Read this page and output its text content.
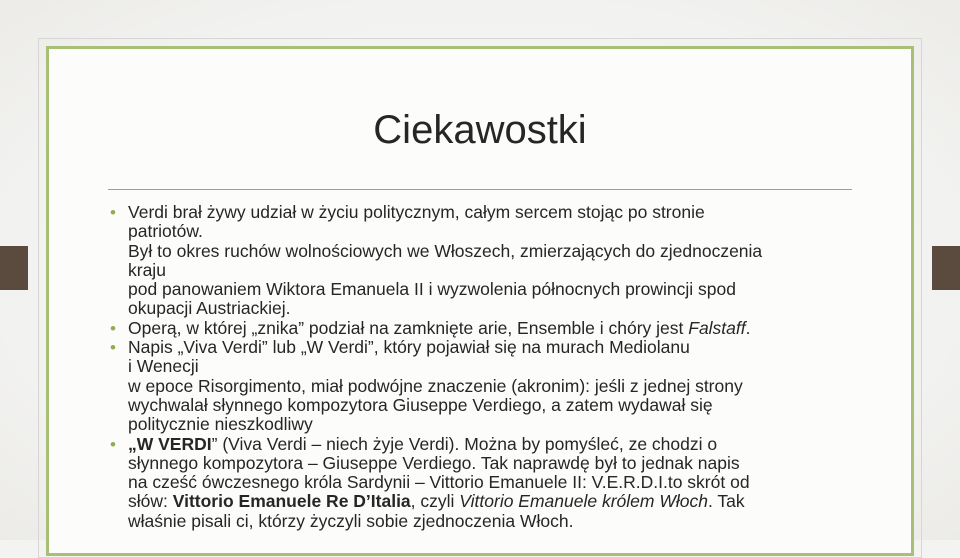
Ciekawostki
• Verdi brał żywy udział w życiu politycznym, całym sercem stojąc po stronie
patriotów.
Był to okres ruchów wolnościowych we Włoszech, zmierzających do zjednoczenia
kraju
pod panowaniem Wiktora Emanuela II i wyzwolenia północnych prowincji spod
okupacji Austriackiej.
• Operą, w której „znika” podział na zamknięte arie, Ensemble i chóry jest Falstaff.
• Napis „Viva Verdi” lub „W Verdi”, który pojawiał się na murach Mediolanu
i Wenecji
w epoce Risorgimento, miał podwójne znaczenie (akronim): jeśli z jednej strony
wychwalał słynnego kompozytora Giuseppe Verdiego, a zatem wydawał się
politycznie nieszkodliwy
• „W VERDI” (Viva Verdi – niech żyje Verdi). Można by pomyśleć, ze chodzi o
słynnego kompozytora – Giuseppe Verdiego. Tak naprawdę był to jednak napis
na cześć ówczesnego króla Sardynii – Vittorio Emanuele II: V.E.R.D.I.to skrót od
słów: Vittorio Emanuele Re D’Italia, czyli Vittorio Emanuele królem Włoch. Tak
właśnie pisali ci, którzy życzyli sobie zjednoczenia Włoch.
